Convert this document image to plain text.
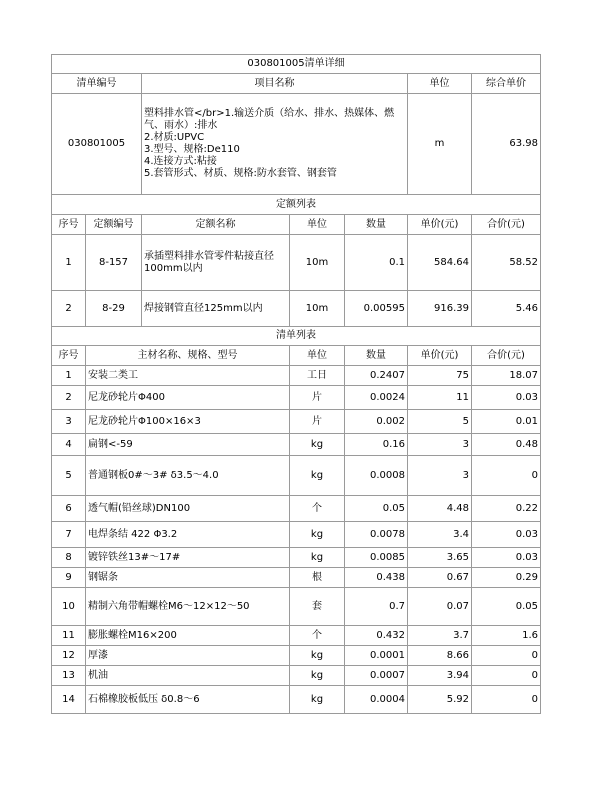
030801005清单详细						
清单编号		项目名称			单位	综合单价
030801005		塑料排水管</br>1.输送介质（给水、排水、热媒体、燃气、雨水）:排水
2.材质:UPVC
3.型号、规格:De110
4.连接方式:粘接
5.套管形式、材质、规格:防水套管、钢套管			m	63.98
定额列表						
序号	定额编号	定额名称	单位	数量	单价(元)	合价(元)
1	8-157	承插塑料排水管零件粘接直径100mm以内	10m	0.1	584.64	58.52
2	8-29	焊接钢管直径125mm以内	10m	0.00595	916.39	5.46
清单列表						
序号	主材名称、规格、型号		单位	数量	单价(元)	合价(元)
1	安装二类工		工日	0.2407	75	18.07
2	尼龙砂轮片Φ400		片	0.0024	11	0.03
3	尼龙砂轮片Φ100×16×3		片	0.002	5	0.01
4	扁钢<-59		kg	0.16	3	0.48
5	普通钢板0#～3# δ3.5～4.0		kg	0.0008	3	0
6	透气帽(铅丝球)DN100		个	0.05	4.48	0.22
7	电焊条结 422 Φ3.2		kg	0.0078	3.4	0.03
8	镀锌铁丝13#～17#		kg	0.0085	3.65	0.03
9	钢锯条		根	0.438	0.67	0.29
10	精制六角带帽螺栓M6～12×12～50		套	0.7	0.07	0.05
11	膨胀螺栓M16×200		个	0.432	3.7	1.6
12	厚漆		kg	0.0001	8.66	0
13	机油		kg	0.0007	3.94	0
14	石棉橡胶板低压 δ0.8～6		kg	0.0004	5.92	0
